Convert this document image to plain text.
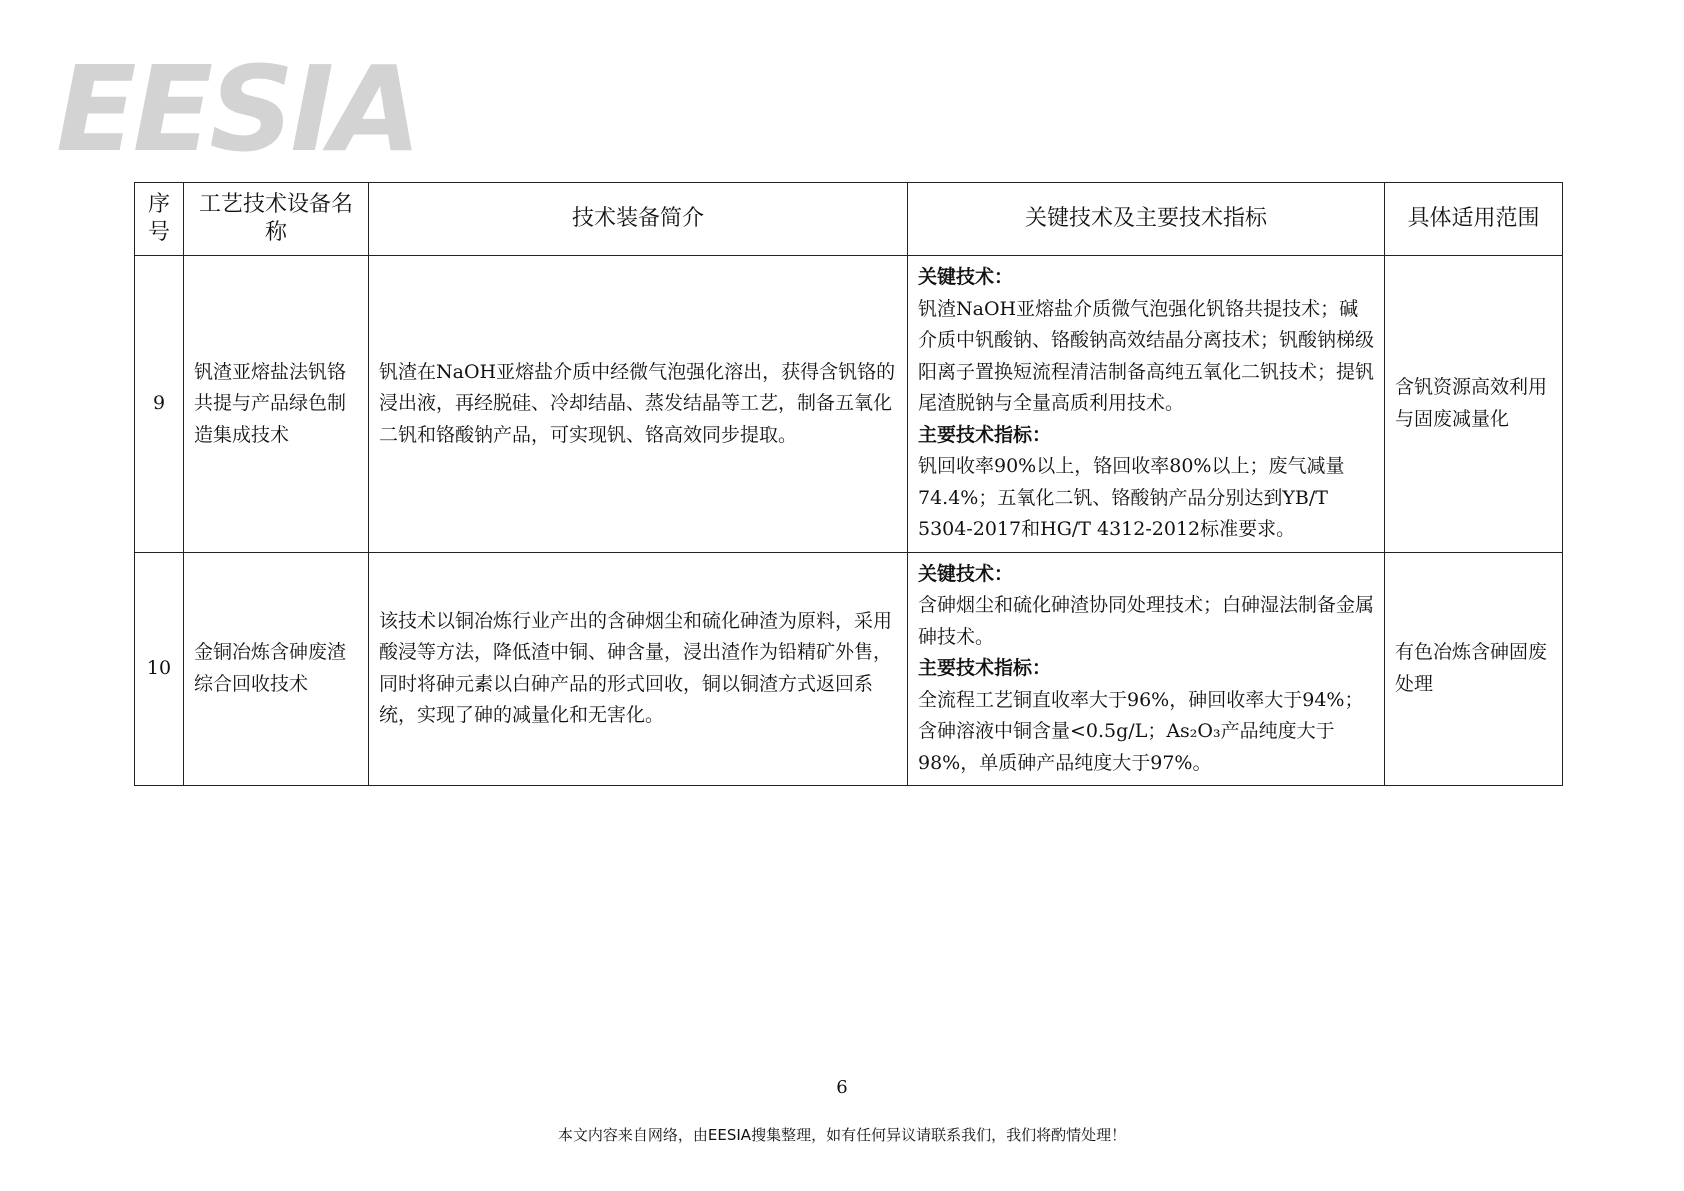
EESIA
序号	工艺技术设备名称	技术装备简介	关键技术及主要技术指标	具体适用范围
9	钒渣亚熔盐法钒铬共提与产品绿色制造集成技术	钒渣在NaOH亚熔盐介质中经微气泡强化溶出，获得含钒铬的浸出液，再经脱硅、冷却结晶、蒸发结晶等工艺，制备五氧化二钒和铬酸钠产品，可实现钒、铬高效同步提取。	关键技术：
钒渣NaOH亚熔盐介质微气泡强化钒铬共提技术；碱介质中钒酸钠、铬酸钠高效结晶分离技术；钒酸钠梯级阳离子置换短流程清洁制备高纯五氧化二钒技术；提钒尾渣脱钠与全量高质利用技术。
主要技术指标：
钒回收率90%以上，铬回收率80%以上；废气减量74.4%；五氧化二钒、铬酸钠产品分别达到YB/T 5304-2017和HG/T 4312-2012标准要求。	含钒资源高效利用与固废减量化
10	金铜冶炼含砷废渣综合回收技术	该技术以铜冶炼行业产出的含砷烟尘和硫化砷渣为原料，采用酸浸等方法，降低渣中铜、砷含量，浸出渣作为铅精矿外售，同时将砷元素以白砷产品的形式回收，铜以铜渣方式返回系统，实现了砷的减量化和无害化。	关键技术：
含砷烟尘和硫化砷渣协同处理技术；白砷湿法制备金属砷技术。
主要技术指标：
全流程工艺铜直收率大于96%，砷回收率大于94%；含砷溶液中铜含量<0.5g/L；As₂O₃产品纯度大于98%，单质砷产品纯度大于97%。	有色冶炼含砷固废处理
6
本文内容来自网络，由EESIA搜集整理，如有任何异议请联系我们，我们将酌情处理！
